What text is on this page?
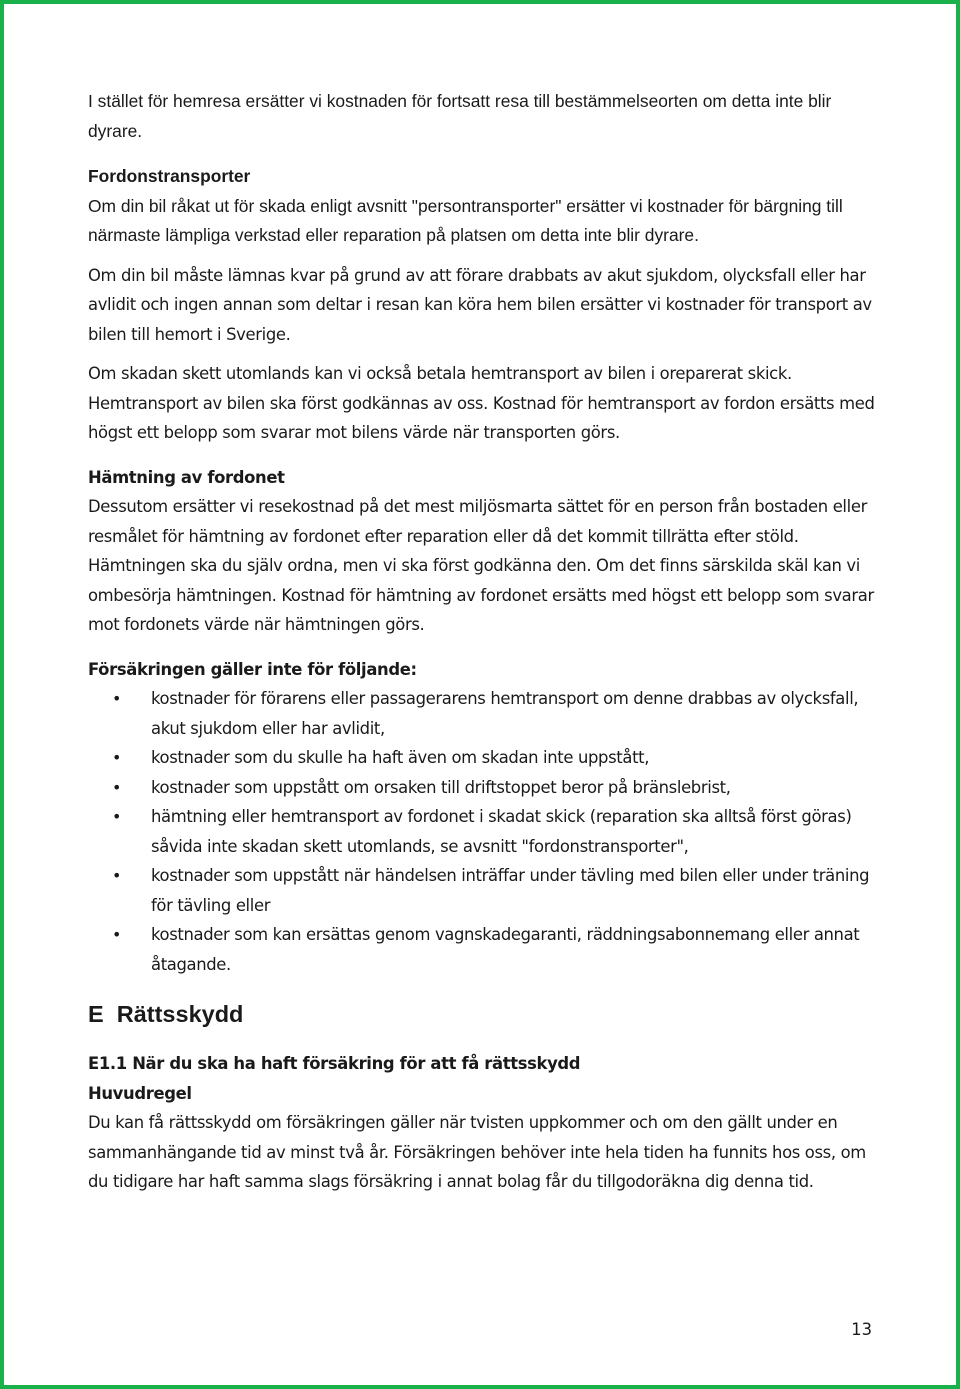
I stället för hemresa ersätter vi kostnaden för fortsatt resa till bestämmelseorten om detta inte blir dyrare.

Fordonstransporter

Om din bil råkat ut för skada enligt avsnitt "persontransporter" ersätter vi kostnader för bärgning till närmaste lämpliga verkstad eller reparation på platsen om detta inte blir dyrare.

Om din bil måste lämnas kvar på grund av att förare drabbats av akut sjukdom, olycksfall eller har avlidit och ingen annan som deltar i resan kan köra hem bilen ersätter vi kostnader för transport av bilen till hemort i Sverige.

Om skadan skett utomlands kan vi också betala hemtransport av bilen i oreparerat skick. Hemtransport av bilen ska först godkännas av oss. Kostnad för hemtransport av fordon ersätts med högst ett belopp som svarar mot bilens värde när transporten görs.

Hämtning av fordonet

Dessutom ersätter vi resekostnad på det mest miljösmarta sättet för en person från bostaden eller resmålet för hämtning av fordonet efter reparation eller då det kommit tillrätta efter stöld. Hämtningen ska du själv ordna, men vi ska först godkänna den. Om det finns särskilda skäl kan vi ombesörja hämtningen. Kostnad för hämtning av fordonet ersätts med högst ett belopp som svarar mot fordonets värde när hämtningen görs.

Försäkringen gäller inte för följande:

• kostnader för förarens eller passagerarens hemtransport om denne drabbas av olycksfall, akut sjukdom eller har avlidit,
• kostnader som du skulle ha haft även om skadan inte uppstått,
• kostnader som uppstått om orsaken till driftstoppet beror på bränslebrist,
• hämtning eller hemtransport av fordonet i skadat skick (reparation ska alltså först göras) såvida inte skadan skett utomlands, se avsnitt "fordonstransporter",
• kostnader som uppstått när händelsen inträffar under tävling med bilen eller under träning för tävling eller
• kostnader som kan ersättas genom vagnskadegaranti, räddningsabonnemang eller annat åtagande.
E  Rättsskydd

E1.1 När du ska ha haft försäkring för att få rättsskydd

Huvudregel

Du kan få rättsskydd om försäkringen gäller när tvisten uppkommer och om den gällt under en sammanhängande tid av minst två år. Försäkringen behöver inte hela tiden ha funnits hos oss, om du tidigare har haft samma slags försäkring i annat bolag får du tillgodoräkna dig denna tid.

13
